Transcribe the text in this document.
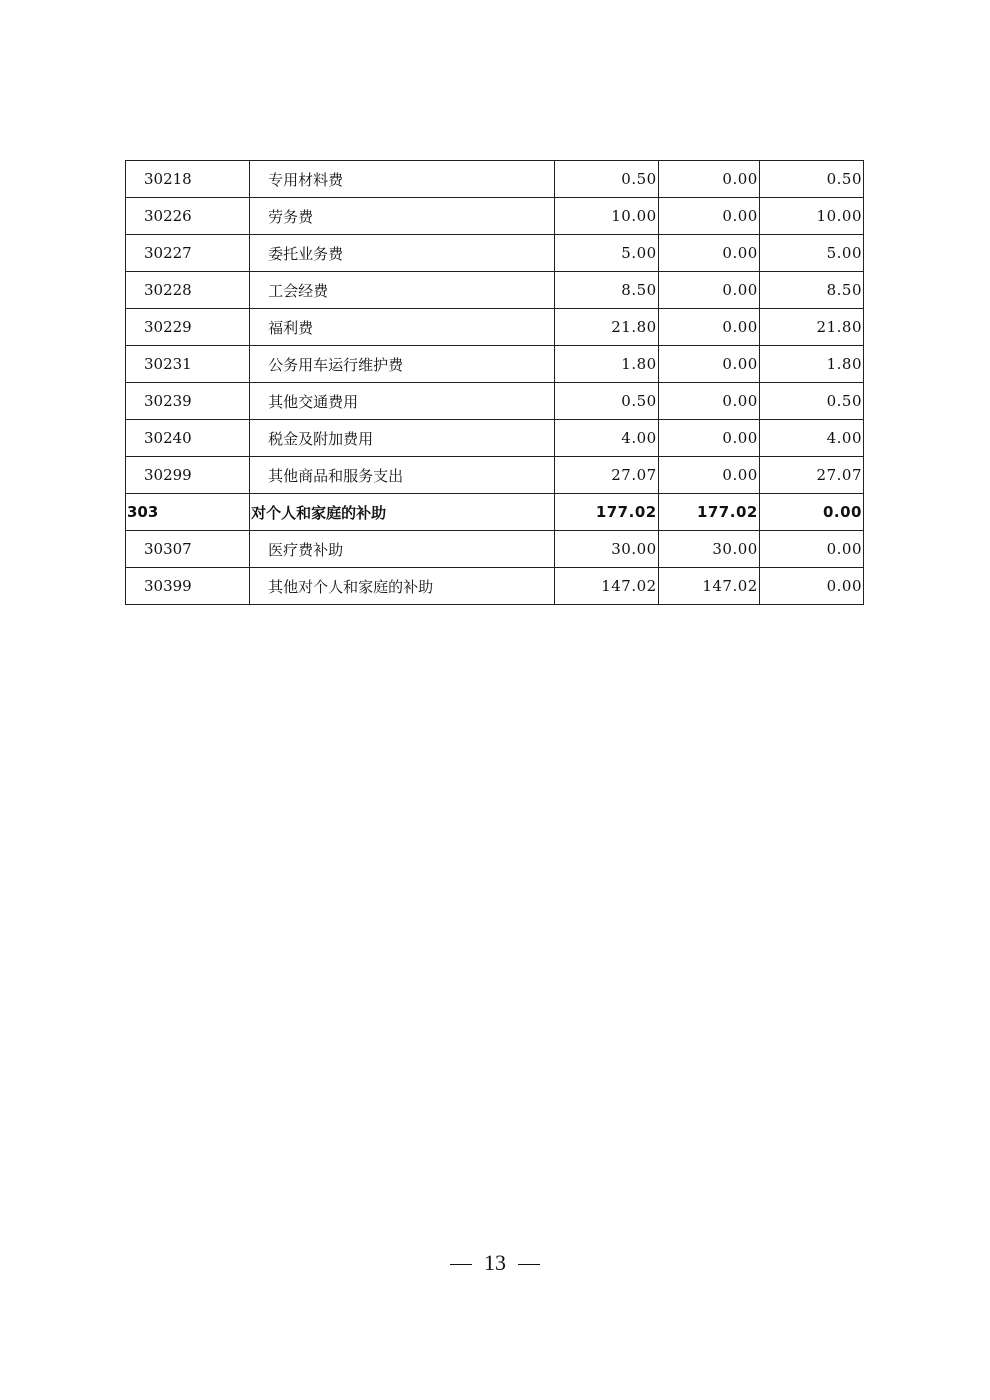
30218	专用材料费	0.50	0.00	0.50
30226	劳务费	10.00	0.00	10.00
30227	委托业务费	5.00	0.00	5.00
30228	工会经费	8.50	0.00	8.50
30229	福利费	21.80	0.00	21.80
30231	公务用车运行维护费	1.80	0.00	1.80
30239	其他交通费用	0.50	0.00	0.50
30240	税金及附加费用	4.00	0.00	4.00
30299	其他商品和服务支出	27.07	0.00	27.07
303	对个人和家庭的补助	177.02	177.02	0.00
30307	医疗费补助	30.00	30.00	0.00
30399	其他对个人和家庭的补助	147.02	147.02	0.00
13
